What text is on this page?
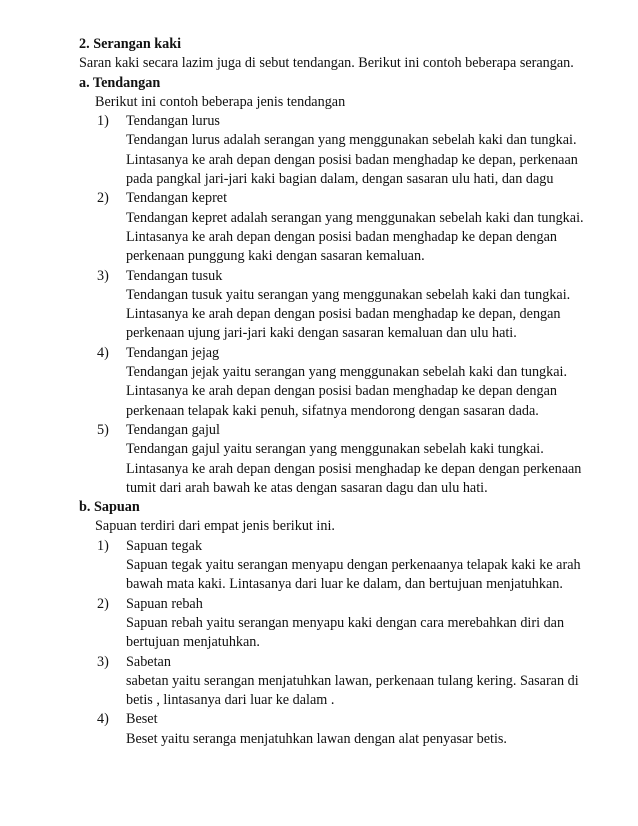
2. Serangan kaki

Saran kaki secara lazim juga di sebut tendangan. Berikut ini contoh beberapa serangan.

a. Tendangan

Berikut ini contoh beberapa jenis tendangan

1)	Tendangan lurus

Tendangan lurus adalah serangan yang menggunakan sebelah kaki dan tungkai.

Lintasanya ke arah depan dengan posisi badan menghadap ke depan, perkenaan

pada pangkal jari-jari kaki bagian dalam, dengan sasaran ulu hati, dan dagu

2)	Tendangan kepret

Tendangan kepret adalah serangan yang menggunakan sebelah kaki dan tungkai.

Lintasanya ke arah depan dengan posisi badan menghadap ke depan dengan

perkenaan punggung kaki dengan sasaran kemaluan.

3)	Tendangan tusuk

Tendangan tusuk yaitu serangan yang menggunakan sebelah kaki dan tungkai.

Lintasanya ke arah depan dengan posisi badan menghadap ke depan, dengan

perkenaan ujung jari-jari kaki dengan sasaran kemaluan dan ulu hati.

4)	Tendangan jejag

Tendangan jejak yaitu serangan yang menggunakan sebelah kaki dan tungkai.

Lintasanya ke arah depan dengan posisi badan menghadap ke depan dengan

perkenaan telapak kaki penuh, sifatnya mendorong dengan sasaran dada.

5)	Tendangan gajul

Tendangan gajul yaitu serangan yang menggunakan sebelah kaki tungkai.

Lintasanya ke arah depan dengan posisi menghadap ke depan dengan perkenaan

tumit dari arah bawah ke atas dengan sasaran dagu dan ulu hati.

b. Sapuan

Sapuan terdiri dari empat jenis berikut ini.

1)	Sapuan tegak

Sapuan tegak yaitu serangan menyapu dengan perkenaanya telapak kaki ke arah

bawah mata kaki. Lintasanya dari luar ke dalam, dan bertujuan menjatuhkan.

2)	Sapuan rebah

Sapuan rebah yaitu serangan menyapu kaki dengan cara merebahkan diri dan

bertujuan menjatuhkan.

3)	Sabetan

sabetan yaitu serangan menjatuhkan lawan, perkenaan tulang kering. Sasaran di

betis , lintasanya dari luar ke dalam .

4)	Beset

Beset yaitu seranga menjatuhkan lawan dengan alat penyasar betis.
